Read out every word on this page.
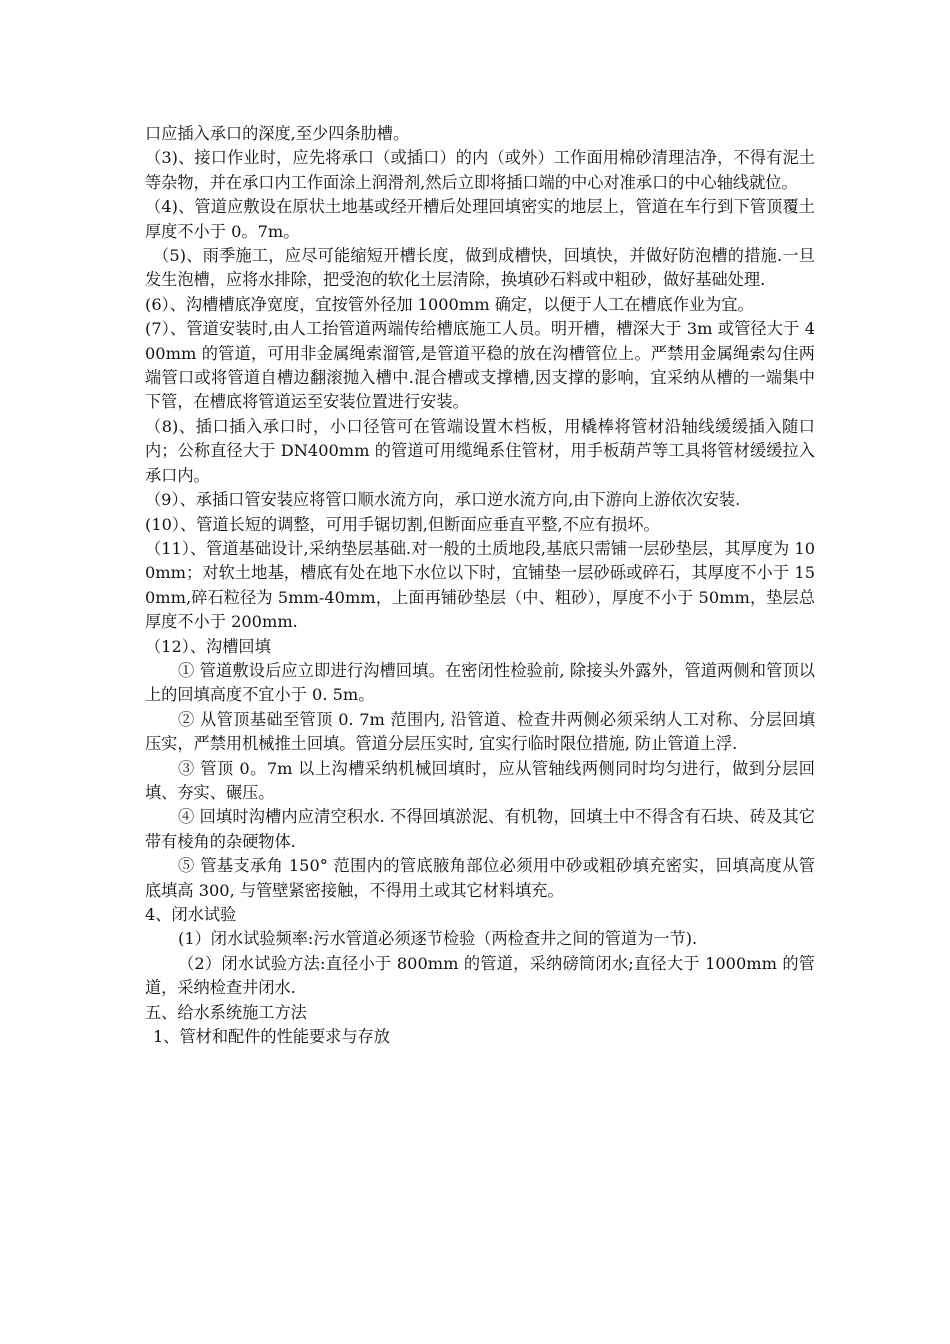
口应插入承口的深度,至少四条肋槽。

（3)、接口作业时，应先将承口（或插口）的内（或外）工作面用棉砂清理洁净，不得有泥土等杂物，并在承口内工作面涂上润滑剂,然后立即将插口端的中心对准承口的中心轴线就位。

（4)、管道应敷设在原状土地基或经开槽后处理回填密实的地层上，管道在车行到下管顶覆土厚度不小于 0。7m。

（5)、雨季施工，应尽可能缩短开槽长度，做到成槽快，回填快，并做好防泡槽的措施.一旦发生泡槽，应将水排除，把受泡的软化土层清除，换填砂石料或中粗砂，做好基础处理.

(6）、沟槽槽底净宽度，宜按管外径加 1000mm 确定，以便于人工在槽底作业为宜。

(7）、管道安装时,由人工抬管道两端传给槽底施工人员。明开槽，槽深大于 3m 或管径大于 400mm 的管道，可用非金属绳索溜管,是管道平稳的放在沟槽管位上。严禁用金属绳索勾住两端管口或将管道自槽边翻滚抛入槽中.混合槽或支撑槽,因支撑的影响，宜采纳从槽的一端集中下管，在槽底将管道运至安装位置进行安装。

（8)、插口插入承口时，小口径管可在管端设置木档板，用橇棒将管材沿轴线缓缓插入随口内；公称直径大于 DN400mm 的管道可用缆绳系住管材，用手板葫芦等工具将管材缓缓拉入承口内。

（9）、承插口管安装应将管口顺水流方向，承口逆水流方向,由下游向上游依次安装.

(10）、管道长短的调整，可用手锯切割,但断面应垂直平整,不应有损坏。

（11）、管道基础设计,采纳垫层基础.对一般的土质地段,基底只需铺一层砂垫层，其厚度为 100mm；对软土地基，槽底有处在地下水位以下时，宜铺垫一层砂砾或碎石，其厚度不小于 150mm,碎石粒径为 5mm-40mm，上面再铺砂垫层（中、粗砂），厚度不小于 50mm，垫层总厚度不小于 200mm.

（12）、沟槽回填

① 管道敷设后应立即进行沟槽回填。在密闭性检验前, 除接头外露外，管道两侧和管顶以上的回填高度不宜小于 0. 5m。

② 从管顶基础至管顶 0. 7m 范围内, 沿管道、检查井两侧必须采纳人工对称、分层回填压实，严禁用机械推土回填。管道分层压实时, 宜实行临时限位措施, 防止管道上浮.

③ 管顶 0。7m 以上沟槽采纳机械回填时，应从管轴线两侧同时均匀进行，做到分层回填、夯实、碾压。

④ 回填时沟槽内应清空积水. 不得回填淤泥、有机物，回填土中不得含有石块、砖及其它带有棱角的杂硬物体.

⑤ 管基支承角 150° 范围内的管底腋角部位必须用中砂或粗砂填充密实，回填高度从管底填高 300, 与管壁紧密接触，不得用土或其它材料填充。

4、闭水试验

(1）闭水试验频率:污水管道必须逐节检验（两检查井之间的管道为一节).

（2）闭水试验方法:直径小于 800mm 的管道，采纳磅筒闭水;直径大于 1000mm 的管道，采纳检查井闭水.

五、给水系统施工方法

1、管材和配件的性能要求与存放
